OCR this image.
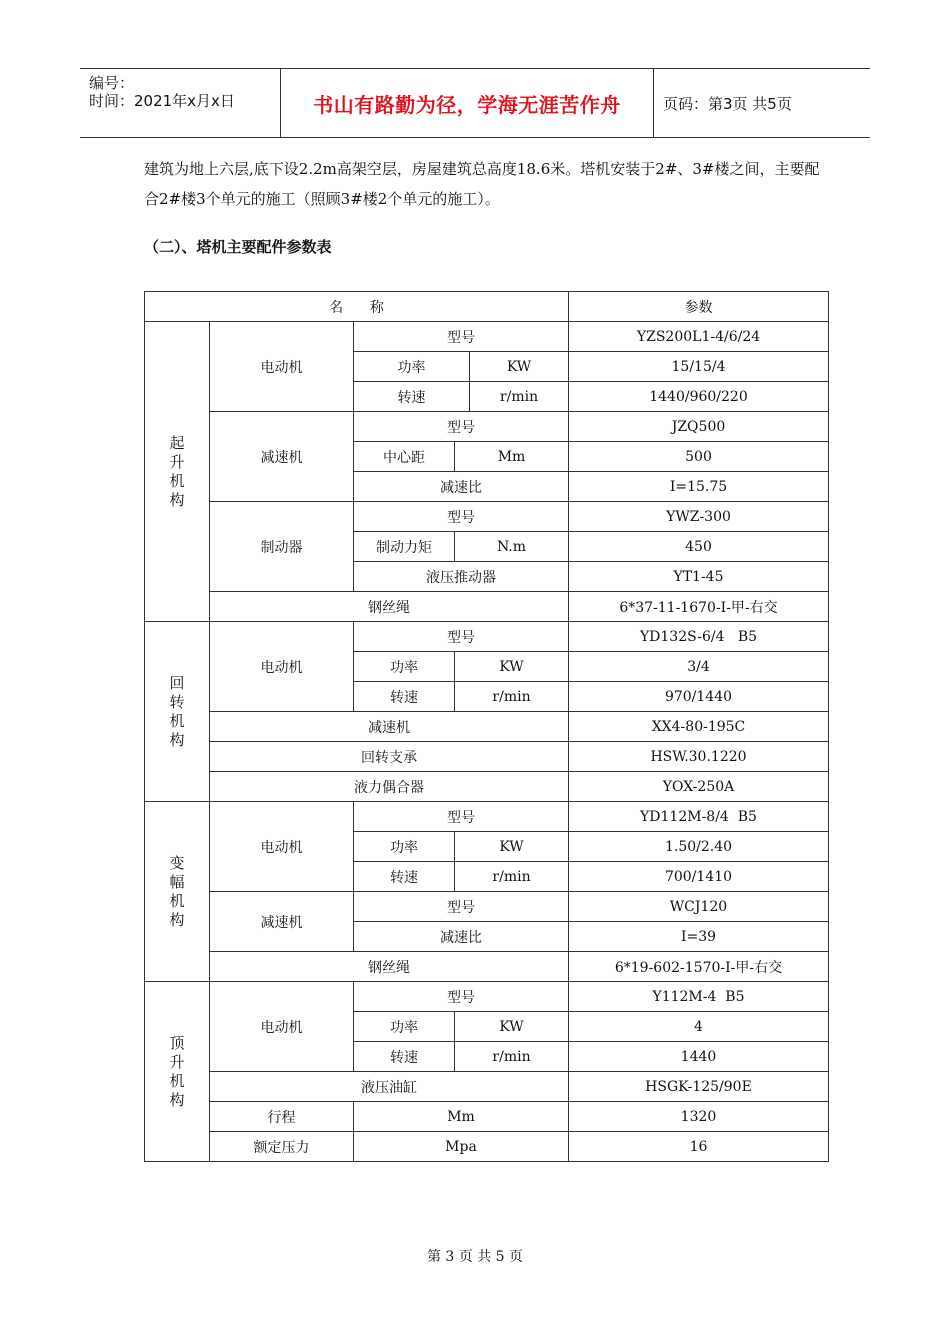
编号：
时间：2021年x月x日	书山有路勤为径，学海无涯苦作舟	页码：第3页 共5页
建筑为地上六层,底下设2.2m高架空层，房屋建筑总高度18.6米。塔机安装于2#、3#楼之间，主要配合2#楼3个单元的施工（照顾3#楼2个单元的施工）。
（二）、塔机主要配件参数表
名      称					参数
起升机构	电动机	型号			YZS200L1-4/6/24
		功率		KW	15/15/4
		转速		r/min	1440/960/220
	减速机	型号			JZQ500
		中心距	Mm		500
		减速比			I=15.75
	制动器	型号			YWZ-300
		制动力矩	N.m		450
		液压推动器			YT1-45
	钢丝绳				6*37-11-1670-I-甲-右交
回转机构	电动机	型号			YD132S-6/4   B5
		功率	KW		3/4
		转速	r/min		970/1440
	减速机				XX4-80-195C
	回转支承				HSW.30.1220
	液力偶合器				YOX-250A
变幅机构	电动机	型号			YD112M-8/4  B5
		功率	KW		1.50/2.40
		转速	r/min		700/1410
	减速机	型号			WCJ120
		减速比			I=39
	钢丝绳				6*19-602-1570-I-甲-右交
顶升机构	电动机	型号			Y112M-4  B5
		功率	KW		4
		转速	r/min		1440
	液压油缸				HSGK-125/90E
	行程	Mm			1320
	额定压力	Mpa			16
第 3 页 共 5 页
